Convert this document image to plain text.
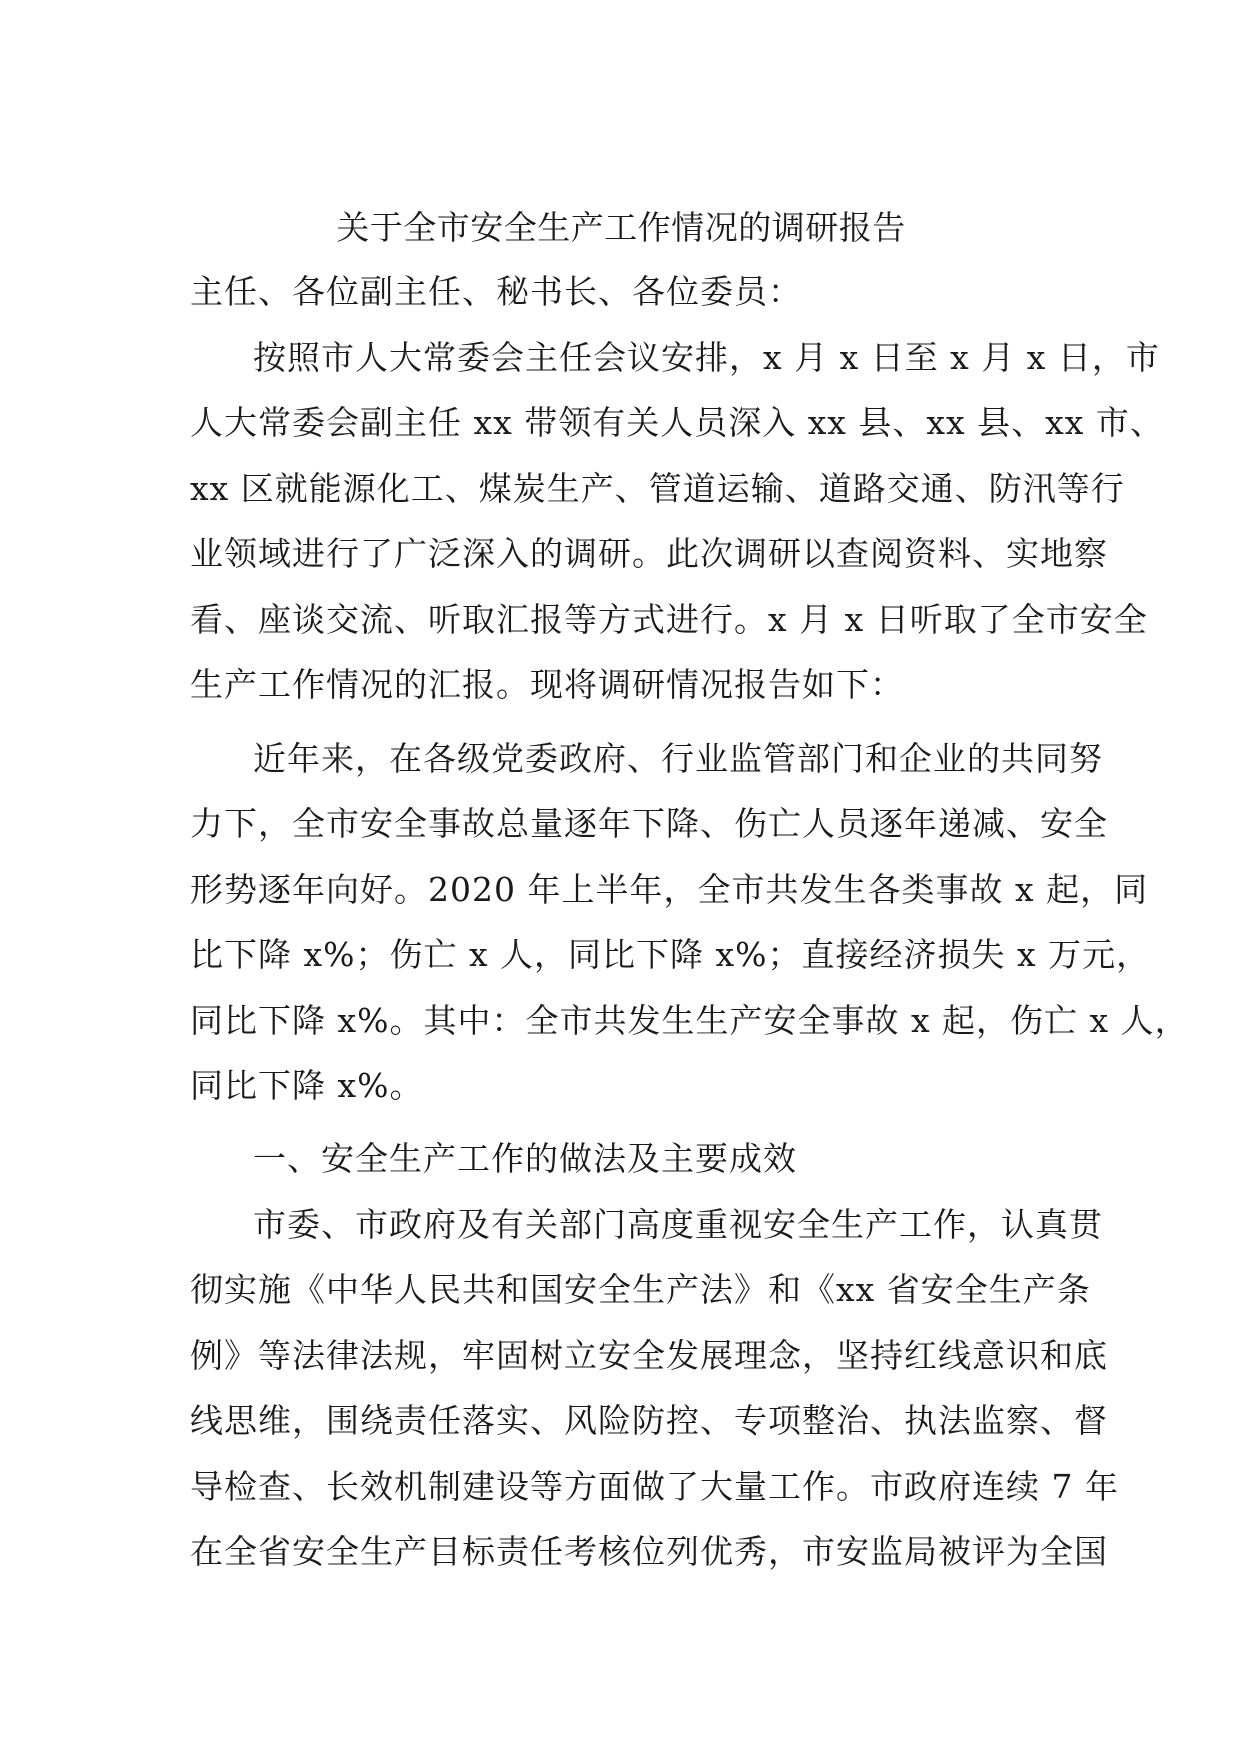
关于全市安全生产工作情况的调研报告

主任、各位副主任、秘书长、各位委员：

按照市人大常委会主任会议安排，x 月 x 日至 x 月 x 日，市

人大常委会副主任 xx 带领有关人员深入 xx 县、xx 县、xx 市、

xx 区就能源化工、煤炭生产、管道运输、道路交通、防汛等行

业领域进行了广泛深入的调研。此次调研以查阅资料、实地察

看、座谈交流、听取汇报等方式进行。x 月 x 日听取了全市安全

生产工作情况的汇报。现将调研情况报告如下：

近年来，在各级党委政府、行业监管部门和企业的共同努

力下，全市安全事故总量逐年下降、伤亡人员逐年递减、安全

形势逐年向好。2020 年上半年，全市共发生各类事故 x 起，同

比下降 x%；伤亡 x 人，同比下降 x%；直接经济损失 x 万元，

同比下降 x%。其中：全市共发生生产安全事故 x 起，伤亡 x 人，

同比下降 x%。

一、安全生产工作的做法及主要成效

市委、市政府及有关部门高度重视安全生产工作，认真贯

彻实施《中华人民共和国安全生产法》和《xx 省安全生产条

例》等法律法规，牢固树立安全发展理念，坚持红线意识和底

线思维，围绕责任落实、风险防控、专项整治、执法监察、督

导检查、长效机制建设等方面做了大量工作。市政府连续 7 年

在全省安全生产目标责任考核位列优秀，市安监局被评为全国
